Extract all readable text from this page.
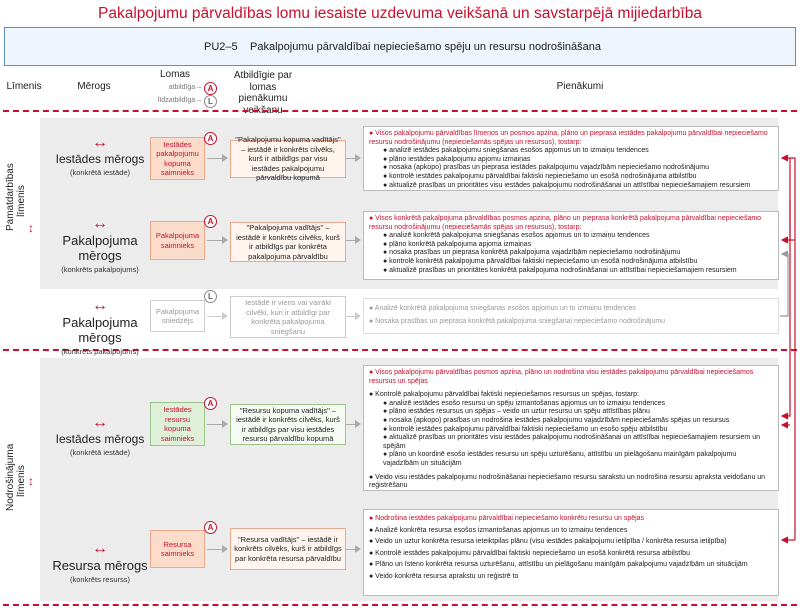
Pakalpojumu pārvaldības lomu iesaiste uzdevuma veikšanā un savstarpējā mijiedarbība
PU2–5 Pakalpojumu pārvaldībai nepieciešamo spēju un resursu nodrošināšana
Līmenis	Mērogs
Lomas
atbildīga – A
līdzatbildīga – L
Atbildīgie par lomas pienākumu veikšanu
Pienākumi
Pamatdarbības līmenis
↕
Nodrošinājuma līmenis ↕
↔
Iestādes mērogs
(konkrētā iestāde)
Iestādes pakalpojumu kopuma saimnieks
A	"Pakalpojumu kopuma vadītājs" – iestādē ir konkrēts cilvēks, kurš ir atbildīgs par visu iestādes pakalpojumu pārvaldību kopumā
● Visos pakalpojumu pārvaldības līmeņos un posmos apzina, plāno un pieprasa iestādes pakalpojumu pārvaldībai nepieciešamo resursu nodrošinājumu (nepieciešamās spējas un resursus), tostarp:
● analizē iestādes pakalpojumu sniegšanas esošos apjomus un to izmaiņu tendences
● plāno iestādes pakalpojumu apjomu izmaiņas
● nosaka (apkopo) prasības un pieprasa iestādes pakalpojumu vajadzībām nepieciešamo nodrošinājumu
● kontrolē iestādes pakalpojumu pārvaldībai faktiski nepieciešamo un esošā nodrošinājuma atbilstību
● aktualizē prasības un prioritātes visu iestādes pakalpojumu nodrošināšanai un attīstībai nepieciešamajiem resursiem
↔
Pakalpojuma mērogs
(konkrēts pakalpojums)
Pakalpojuma saimnieks
A
"Pakalpojuma vadītājs" – iestādē ir konkrēts cilvēks, kurš ir atbildīgs par konkrēta pakalpojuma pārvaldību
● Visos konkrētā pakalpojuma pārvaldības posmos apzina, plāno un pieprasa konkrētā pakalpojuma pārvaldībai nepieciešamo resursu nodrošinājumu (nepieciešamās spējas un resursus), tostarp:
● analizē konkrētā pakalpojuma sniegšanas esošos apjomus un to izmaiņu tendences
● plāno konkrētā pakalpojuma apjoma izmaiņas
● nosaka prasības un pieprasa konkrētā pakalpojuma vajadzībām nepieciešamo nodrošinājumu
● kontrolē konkrētā pakalpojuma pārvaldībai faktiski nepieciešamo un esošā nodrošinājuma atbilstību
● aktualizē prasības un prioritātes konkrētā pakalpojuma nodrošināšanai un attīstībai nepieciešamajiem resursiem
↔
Pakalpojuma mērogs
(konkrēts pakalpojums)
Pakalpojuma sniedzējs
L
Iestādē ir viens vai vairāki cilvēki, kuri ir atbildīgi par konkrēta pakalpojuma sniegšanu
● Analizē konkrētā pakalpojuma sniegšanas esošos apjomus un to izmaiņu tendences
● Nosaka prasības un pieprasa konkrētā pakalpojuma sniegšanai nepieciešamo nodrošinājumu
↔
Iestādes mērogs
(konkrētā iestāde)
Iestādes resursu kopuma saimnieks
A
"Resursu kopuma vadītājs" – iestādē ir konkrēts cilvēks, kurš ir atbildīgs par visu iestādes resursu pārvaldību kopumā
● Visos pakalpojumu pārvaldības posmos apzina, plāno un nodrošina visu iestādes pakalpojumu pārvaldībai nepieciešamos resursus un spējas
● Kontrolē pakalpojumu pārvaldībai faktiski nepieciešamos resursus un spējas, tostarp:
● analizē iestādes esošo resursu un spēju izmantošanas apjomus un to izmaiņu tendences
● plāno iestādes resursus un spējas – veido un uztur resursu un spēju attīstības plānu
● nosaka (apkopo) prasības un nodrošina iestādes pakalpojumu vajadzībām nepieciešamās spējas un resursus
● kontrolē iestādes pakalpojumu pārvaldībai faktiski nepieciešamo un esošo spēju atbilstību
● aktualizē prasības un prioritātes visu iestādes pakalpojumu nodrošināšanai un attīstībai nepieciešamajiem resursiem un spējām
● plāno un koordinē esošo iestādes resursu un spēju uzturēšanu, attīstību un pielāgošanu mainīgām pakalpojumu vajadzībām un situācijām
● Veido visu iestādes pakalpojumu nodrošināšanai nepieciešamo resursu sarakstu un nodrošina resursu apraksta veidošanu un reģistrēšanu
↔
Resursa mērogs
(konkrēts resurss)
Resursa saimnieks
A
"Resursa vadītājs" – iestādē ir konkrēts cilvēks, kurš ir atbildīgs par konkrēta resursa pārvaldību
● Nodrošina iestādes pakalpojumu pārvaldībai nepieciešamo konkrētu resursu un spējas
● Analizē konkrēta resursa esošos izmantošanas apjomus un to izmaiņu tendences
● Veido un uztur konkrēta resursa ieteiktpilas plānu (visu iestādes pakalpojumu ietiļpība / konkrēta resursa ietiļpība)
● Kontrolē iestādes pakalpojumu pārvaldībai faktiski nepieciešamo un esošā konkrētā resursa atbilstību
● Plāno un īsteno konkrēta resursa uzturēšanu, attīstību un pielāgošanu mainīgām pakalpojumu vajadzībām un situācijām
● Veido konkrēta resursa aprakstu un reģistrē to
